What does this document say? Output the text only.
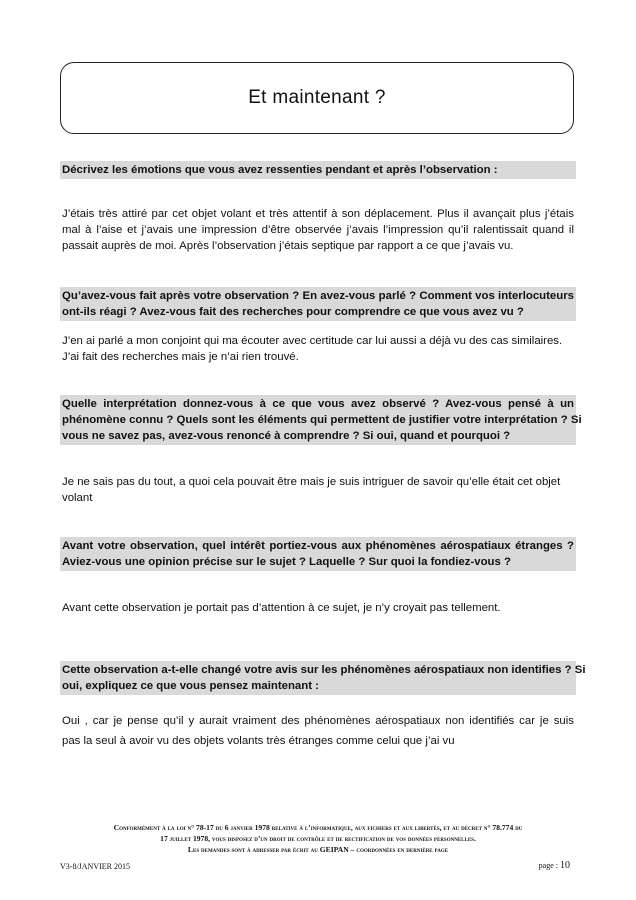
Et maintenant ?
Décrivez les émotions que vous avez ressenties pendant et après l’observation :
J’étais très attiré par cet objet volant et très attentif à son déplacement. Plus il avançait plus j’étais
mal à l’aise et j’avais une impression d’être observée j’avais l’impression qu’il ralentissait quand il
passait auprès de moi. Après l’observation j’étais septique par rapport a ce que j’avais vu.
Qu’avez-vous fait après votre observation ? En avez-vous parlé ? Comment vos interlocuteurs
ont-ils réagi ? Avez-vous fait des recherches pour comprendre ce que vous avez vu ?
J’en ai parlé a mon conjoint qui ma écouter avec certitude car lui aussi a déjà vu des cas similaires.
J’ai fait des recherches mais je n’ai rien trouvé.
Quelle interprétation donnez-vous à ce que vous avez observé ? Avez-vous pensé à un
phénomène connu ? Quels sont les éléments qui permettent de justifier votre interprétation ? Si
vous ne savez pas, avez-vous renoncé à comprendre ? Si oui, quand et pourquoi ?
Je ne sais pas du tout, a quoi cela pouvait être mais je suis intriguer de savoir qu’elle était cet objet
volant
Avant votre observation, quel intérêt portiez-vous aux phénomènes aérospatiaux étranges ?
Aviez-vous une opinion précise sur le sujet ? Laquelle ? Sur quoi la fondiez-vous ?
Avant cette observation je portait pas d’attention à ce sujet, je n’y croyait pas tellement.
Cette observation a-t-elle changé votre avis sur les phénomènes aérospatiaux non identifies ? Si
oui, expliquez ce que vous pensez maintenant :
Oui , car je pense qu’il y aurait vraiment des phénomènes aérospatiaux non identifiés car je suis
pas la seul à avoir vu des objets volants très étranges comme celui que j’ai vu
Conformément à la loi n° 78-17 du 6 janvier 1978 relative à l’informatique, aux fichiers et aux libertés, et au décret n° 78.774 du
17 juillet 1978, vous disposez d’un droit de contrôle et de rectification de vos données personnelles.
Les demandes sont à adresser par écrit au GEIPAN – coordonnées en dernière page
V3-8/JANVIER 2015	page : 10
